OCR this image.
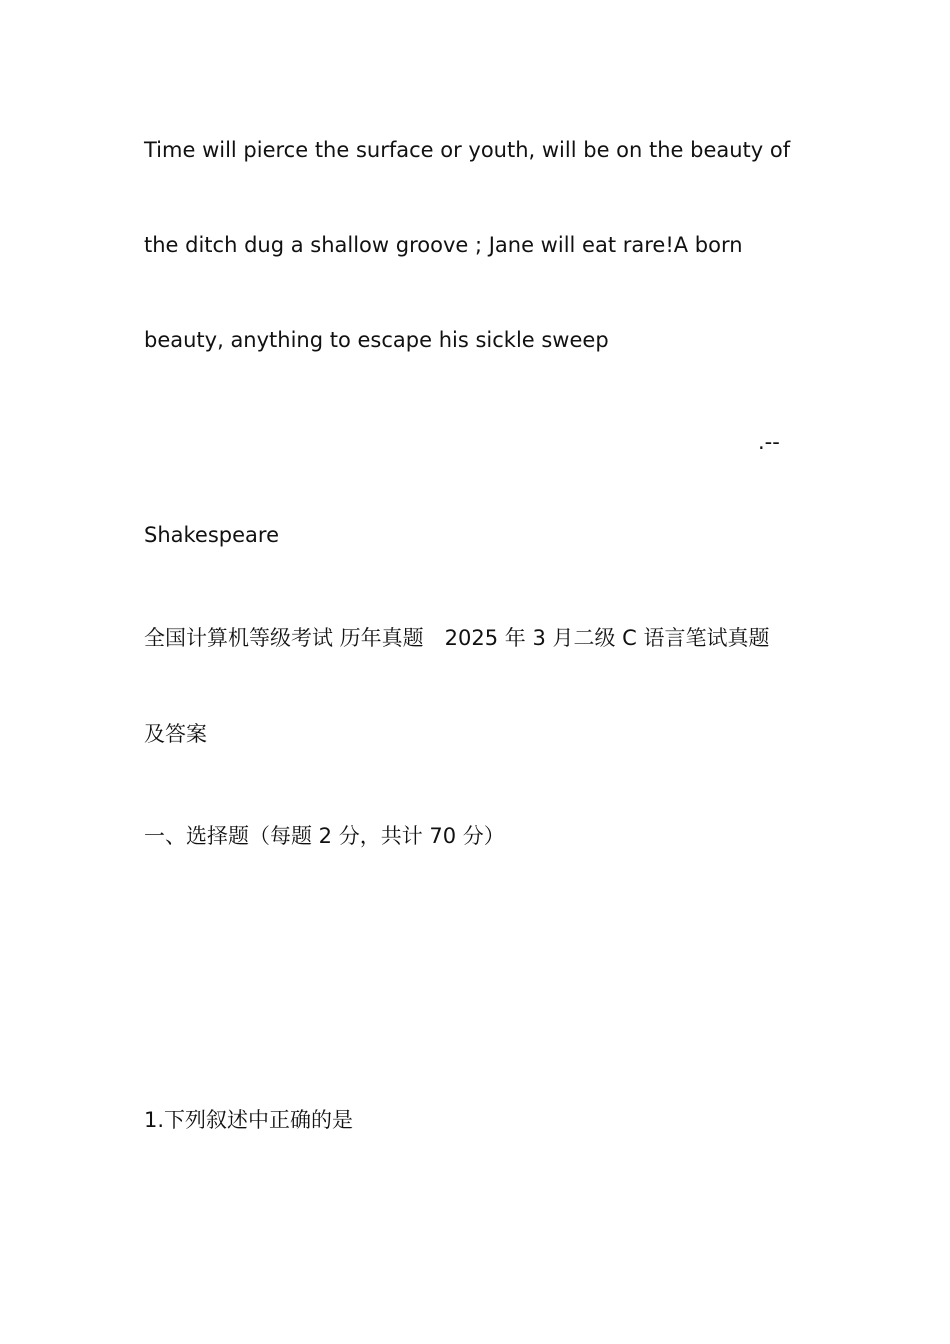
Time will pierce the surface or youth, will be on the beauty of
the ditch dug a shallow groove ; Jane will eat rare!A born
beauty, anything to escape his sickle sweep
.--
Shakespeare
全国计算机等级考试 历年真题　2025 年 3 月二级 C 语言笔试真题
及答案
一、选择题（每题 2 分，共计 70 分）
1.下列叙述中正确的是
